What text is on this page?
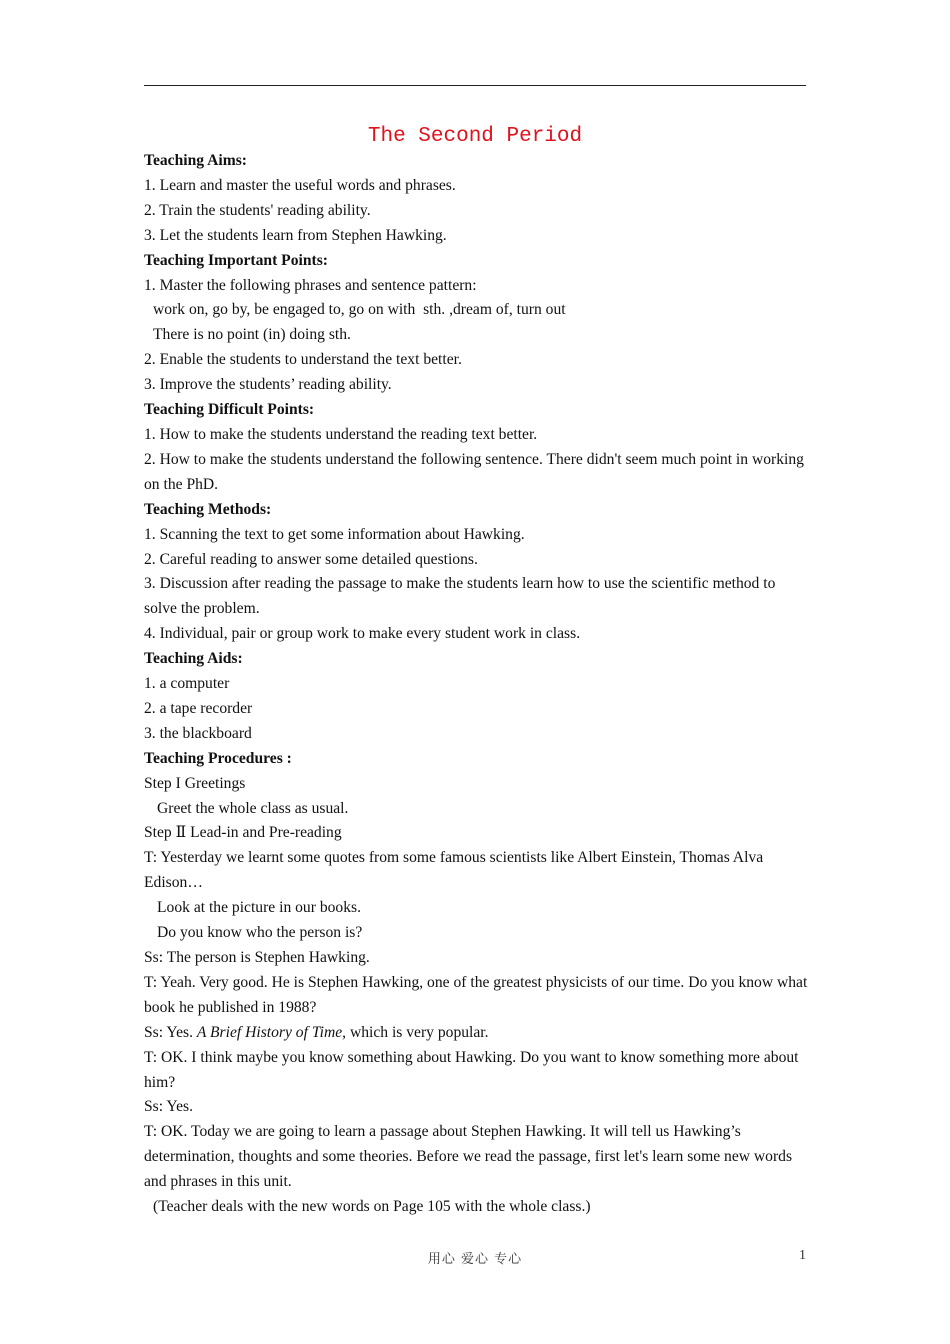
The Second Period
Teaching Aims:
1. Learn and master the useful words and phrases.
2. Train the students' reading ability.
3. Let the students learn from Stephen Hawking.
Teaching Important Points:
1. Master the following phrases and sentence pattern:
work on, go by, be engaged to, go on with  sth. ,dream of, turn out
There is no point (in) doing sth.
2. Enable the students to understand the text better.
3. Improve the students’ reading ability.
Teaching Difficult Points:
1. How to make the students understand the reading text better.
2. How to make the students understand the following sentence. There didn't seem much point in working on the PhD.
Teaching Methods:
1. Scanning the text to get some information about Hawking.
2. Careful reading to answer some detailed questions.
3. Discussion after reading the passage to make the students learn how to use the scientific method to solve the problem.
4. Individual, pair or group work to make every student work in class.
Teaching Aids:
1. a computer
2. a tape recorder
3. the blackboard
Teaching Procedures :
Step I Greetings
Greet the whole class as usual.
Step Ⅱ Lead-in and Pre-reading
T: Yesterday we learnt some quotes from some famous scientists like Albert Einstein, Thomas Alva Edison…
Look at the picture in our books.
Do you know who the person is?
Ss: The person is Stephen Hawking.
T: Yeah. Very good. He is Stephen Hawking, one of the greatest physicists of our time. Do you know what book he published in 1988?
Ss: Yes. A Brief History of Time, which is very popular.
T: OK. I think maybe you know something about Hawking. Do you want to know something more about him?
Ss: Yes.
T: OK. Today we are going to learn a passage about Stephen Hawking. It will tell us Hawking’s determination, thoughts and some theories. Before we read the passage, first let's learn some new words and phrases in this unit.
(Teacher deals with the new words on Page 105 with the whole class.)
用心 爱心 专心	1
